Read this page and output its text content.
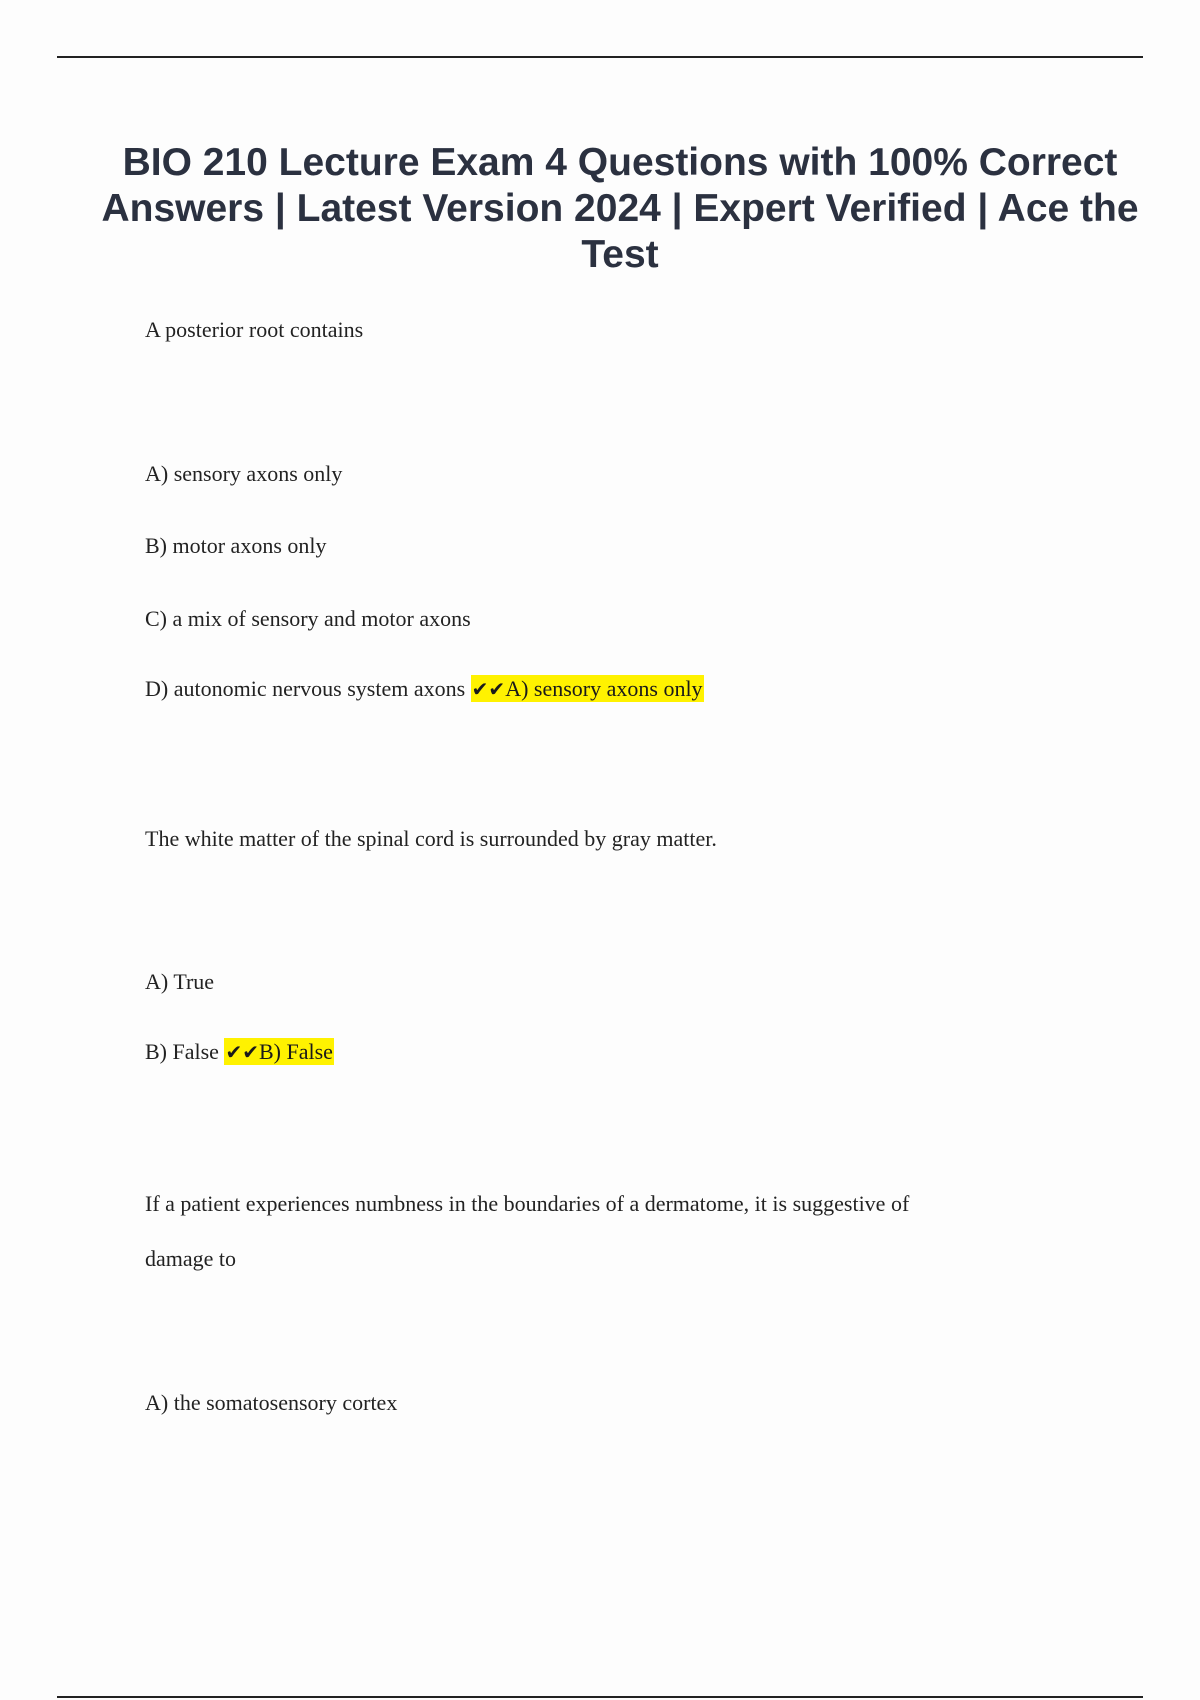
BIO 210 Lecture Exam 4 Questions with 100% Correct Answers | Latest Version 2024 | Expert Verified | Ace the Test
A posterior root contains
A) sensory axons only
B) motor axons only
C) a mix of sensory and motor axons
D) autonomic nervous system axons ✔✔A) sensory axons only
The white matter of the spinal cord is surrounded by gray matter.
A) True
B) False ✔✔B) False
If a patient experiences numbness in the boundaries of a dermatome, it is suggestive of
damage to
A) the somatosensory cortex
